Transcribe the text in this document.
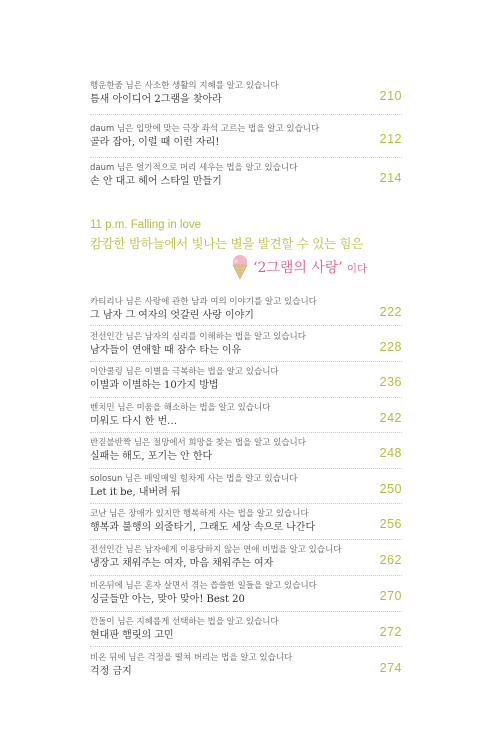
행운한줌 님은 사소한 생활의 지혜를 알고 있습니다
틈새 아이디어 2그램을 찾아라	210
daum 님은 입맛에 맞는 극장 좌석 고르는 법을 알고 있습니다
골라 잡아, 이럴 때 이런 자리!	212
daum 님은 얼기적으로 머리 세우는 법을 알고 있습니다
손 안 대고 헤어 스타일 만들기	214
11 p.m. Falling in love
캄캄한 밤하늘에서 빛나는 별을 발견할 수 있는 힘은
‘2그램의 사랑’ 이다
카티리나 님은 사랑에 관한 남과 여의 이야기를 알고 있습니다
그 남자 그 여자의 엇갈린 사랑 이야기	222
전선인간 님은 남자의 심리를 이해하는 법을 알고 있습니다
남자들이 연애할 때 잠수 타는 이유	228
이안쿨링 님은 이별을 극복하는 법을 알고 있습니다
이별과 이별하는 10가지 방법	236
벤치민 님은 미움을 해소하는 법을 알고 있습니다
미워도 다시 한 번…	242
반짇불반짝 님은 절망에서 희망을 찾는 법을 알고 있습니다
실패는 해도, 포기는 안 한다	248
solosun 님은 매일매일 힘차게 사는 법을 알고 있습니다
Let it be, 내버려 둬	250
코난 님은 장애가 있지만 행복하게 사는 법을 알고 있습니다
행복과 불행의 외줄타기, 그래도 세상 속으로 나간다	256
전선인간 님은 남자에게 이용당하지 않는 연애 비법을 알고 있습니다
냉장고 채워주는 여자, 마음 채워주는 여자	262
비온뒤에 님은 혼자 살면서 겪는 씁쓸한 일들을 알고 있습니다
싱글들만 아는, 맞아 맞아! Best 20	270
깐돌이 님은 지혜롭게 선택하는 법을 알고 있습니다
현대판 햄릿의 고민	272
비온 뒤에 님은 걱정을 떨쳐 버리는 법을 알고 있습니다
걱정 금지	274
